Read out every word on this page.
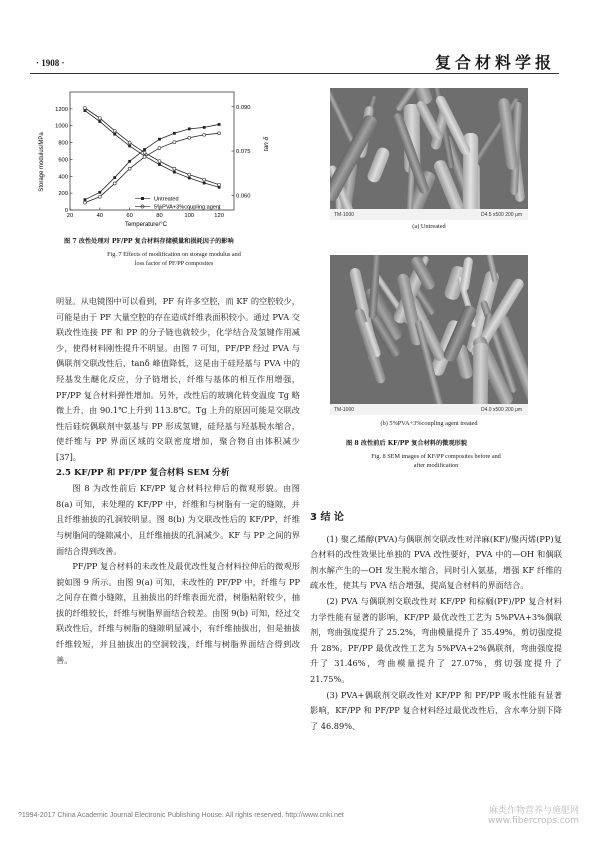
· 1908 ·	复合材料学报
0
200
400
600
800
1000
1200
0.060
0.075
0.090
20	40	60	80	100	120
Storage modulus/MPa	tan δ
Temperature/°C
Untreated
5%PVA+3%coupling agent
图 7 改性处理对 PF/PP 复合材料存储模量和损耗因子的影响
Fig. 7 Effects of modification on storage modulus and
loss factor of PF/PP composites

明显。从电镜图中可以看到，PF 有许多空腔，而 KF 的空腔较少，可能是由于 PF 大量空腔的存在造成纤维表面积较小。通过 PVA 交联改性连接 PF 和 PP 的分子链也就较少，化学结合及氢键作用减少，使得材料刚性提升不明显。由图 7 可知，PF/PP 经过 PVA 与偶联剂交联改性后，tanδ 峰值降低，这是由于硅羟基与 PVA 中的羟基发生醚化反应，分子链增长，纤维与基体的相互作用增强，PF/PP 复合材料弹性增加。另外，改性后的玻璃化转变温度 Tg 略微上升，由 90.1℃上升到 113.8℃。Tg 上升的原因可能是交联改性后硅烷偶联剂中氨基与 PP 形成氢键，硅羟基与羟基脱水缩合，使纤维与 PP 界面区域的交联密度增加，聚合物自由体积减少[37]。

2.5 KF/PP 和 PF/PP 复合材料 SEM 分析

图 8 为改性前后 KF/PP 复合材料拉伸后的微观形貌。由图 8(a) 可知，未处理的 KF/PP 中，纤维和与树脂有一定的缝隙，并且纤维抽拔的孔洞较明显。图 8(b) 为交联改性后的 KF/PP，纤维与树脂间的缝隙减小，且纤维抽拔的孔洞减少。KF 与 PP 之间的界面结合得到改善。

PF/PP 复合材料的未改性及最优改性复合材料拉伸后的微观形貌如图 9 所示。由图 9(a) 可知，未改性的 PF/PP 中，纤维与 PP 之间存在微小缝隙，且抽拔出的纤维表面光滑，树脂粘附较少，抽拔的纤维较长，纤维与树脂界面结合较差。由图 9(b) 可知，经过交联改性后，纤维与树脂的缝隙明显减小，有纤维抽拔出，但是抽拔纤维较短，并且抽拔出的空洞较浅，纤维与树脂界面结合得到改善。

TM-1000	D4.5 x500 200 μm
(a) Untreated
TM-1000	D4.0 x500 200 μm
(b) 5%PVA+3%coupling agent treated
图 8 改性前后 KF/PP 复合材料的微观形貌
Fig. 8 SEM images of KF/PP composites before and
after modification
3 结 论

(1) 聚乙烯醇(PVA)与偶联剂交联改性对洋麻(KF)/聚丙烯(PP)复合材料的改性效果比单独的 PVA 改性要好，PVA 中的—OH 和偶联剂水解产生的—OH 发生脱水缩合，同时引入氨基，增强 KF 纤维的疏水性，使其与 PVA 结合增强，提高复合材料的界面结合。

(2) PVA 与偶联剂交联改性对 KF/PP 和棕榈(PF)/PP 复合材料力学性能有显著的影响，KF/PP 最优改性工艺为 5%PVA+3%偶联剂，弯曲强度提升了 25.2%，弯曲模量提升了 35.49%，剪切强度提升 28%。PF/PP 最优改性工艺为 5%PVA+2%偶联剂，弯曲强度提升了 31.46%，弯曲模量提升了 27.07%，剪切强度提升了 21.75%。

(3) PVA+偶联剂交联改性对 KF/PP 和 PF/PP 吸水性能有显著影响，KF/PP 和 PF/PP 复合材料经过最优改性后，含水率分别下降了 46.89%、

?1994-2017 China Academic Journal Electronic Publishing House. All rights reserved. http://www.cnki.net	麻类作物营养与施肥网
www.fibercrops.com
